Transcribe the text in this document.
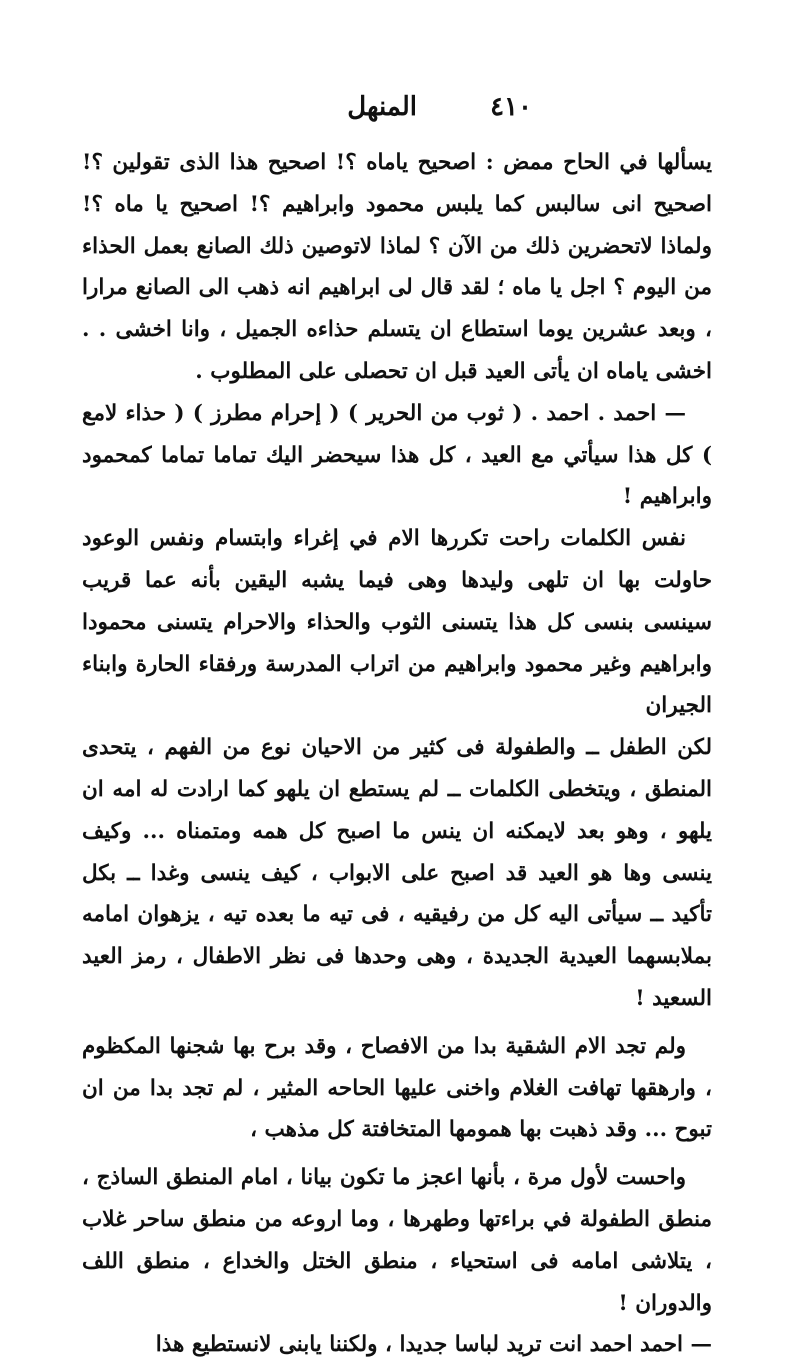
٤١٠
المنهل

يسألها في الحاح ممض : اصحيح ياماه ؟! اصحيح هذا الذى تقولين ؟! اصحيح انى سالبس كما يلبس محمود وابراهيم ؟! اصحيح يا ماه ؟! ولماذا لاتحضرين ذلك من الآن ؟ لماذا لاتوصين ذلك الصانع بعمل الحذاء من اليوم ؟ اجل يا ماه ؛ لقد قال لى ابراهيم انه ذهب الى الصانع مرارا ، وبعد عشرين يوما استطاع ان يتسلم حذاءه الجميل ، وانا اخشى . . اخشى ياماه ان يأتى العيد قبل ان تحصلى على المطلوب .

— احمد . احمد . ( ثوب من الحرير ) ( إحرام مطرز ) ( حذاء لامع ) كل هذا سيأتي مع العيد ، كل هذا سيحضر اليك تماما تماما كمحمود وابراهيم !

نفس الكلمات راحت تكررها الام في إغراء وابتسام ونفس الوعود حاولت بها ان تلهى وليدها وهى فيما يشبه اليقين بأنه عما قريب سينسى بنسى كل هذا يتسنى الثوب والحذاء والاحرام يتسنى محمودا وابراهيم وغير محمود وابراهيم من اتراب المدرسة ورفقاء الحارة وابناء الجيران

لكن الطفل ــ والطفولة فى كثير من الاحيان نوع من الفهم ، يتحدى المنطق ، ويتخطى الكلمات ــ لم يستطع ان يلهو كما ارادت له امه ان يلهو ، وهو بعد لايمكنه ان ينس ما اصبح كل همه ومتمناه ... وكيف ينسى وها هو العيد قد اصبح على الابواب ، كيف ينسى وغدا ــ بكل تأكيد ــ سيأتى اليه كل من رفيقيه ، فى تيه ما بعده تيه ، يزهوان امامه بملابسهما العيدية الجديدة ، وهى وحدها فى نظر الاطفال ، رمز العيد السعيد !

ولم تجد الام الشقية بدا من الافصاح ، وقد برح بها شجنها المكظوم ، وارهقها تهافت الغلام واخنى عليها الحاحه المثير ، لم تجد بدا من ان تبوح ... وقد ذهبت بها همومها المتخافتة كل مذهب ،

واحست لأول مرة ، بأنها اعجز ما تكون بيانا ، امام المنطق الساذج ، منطق الطفولة في براءتها وطهرها ، وما اروعه من منطق ساحر غلاب ، يتلاشى امامه فى استحياء ، منطق الختل والخداع ، منطق اللف والدوران !

— احمد احمد انت تريد لباسا جديدا ، ولكننا يابنى لانستطيع هذا
